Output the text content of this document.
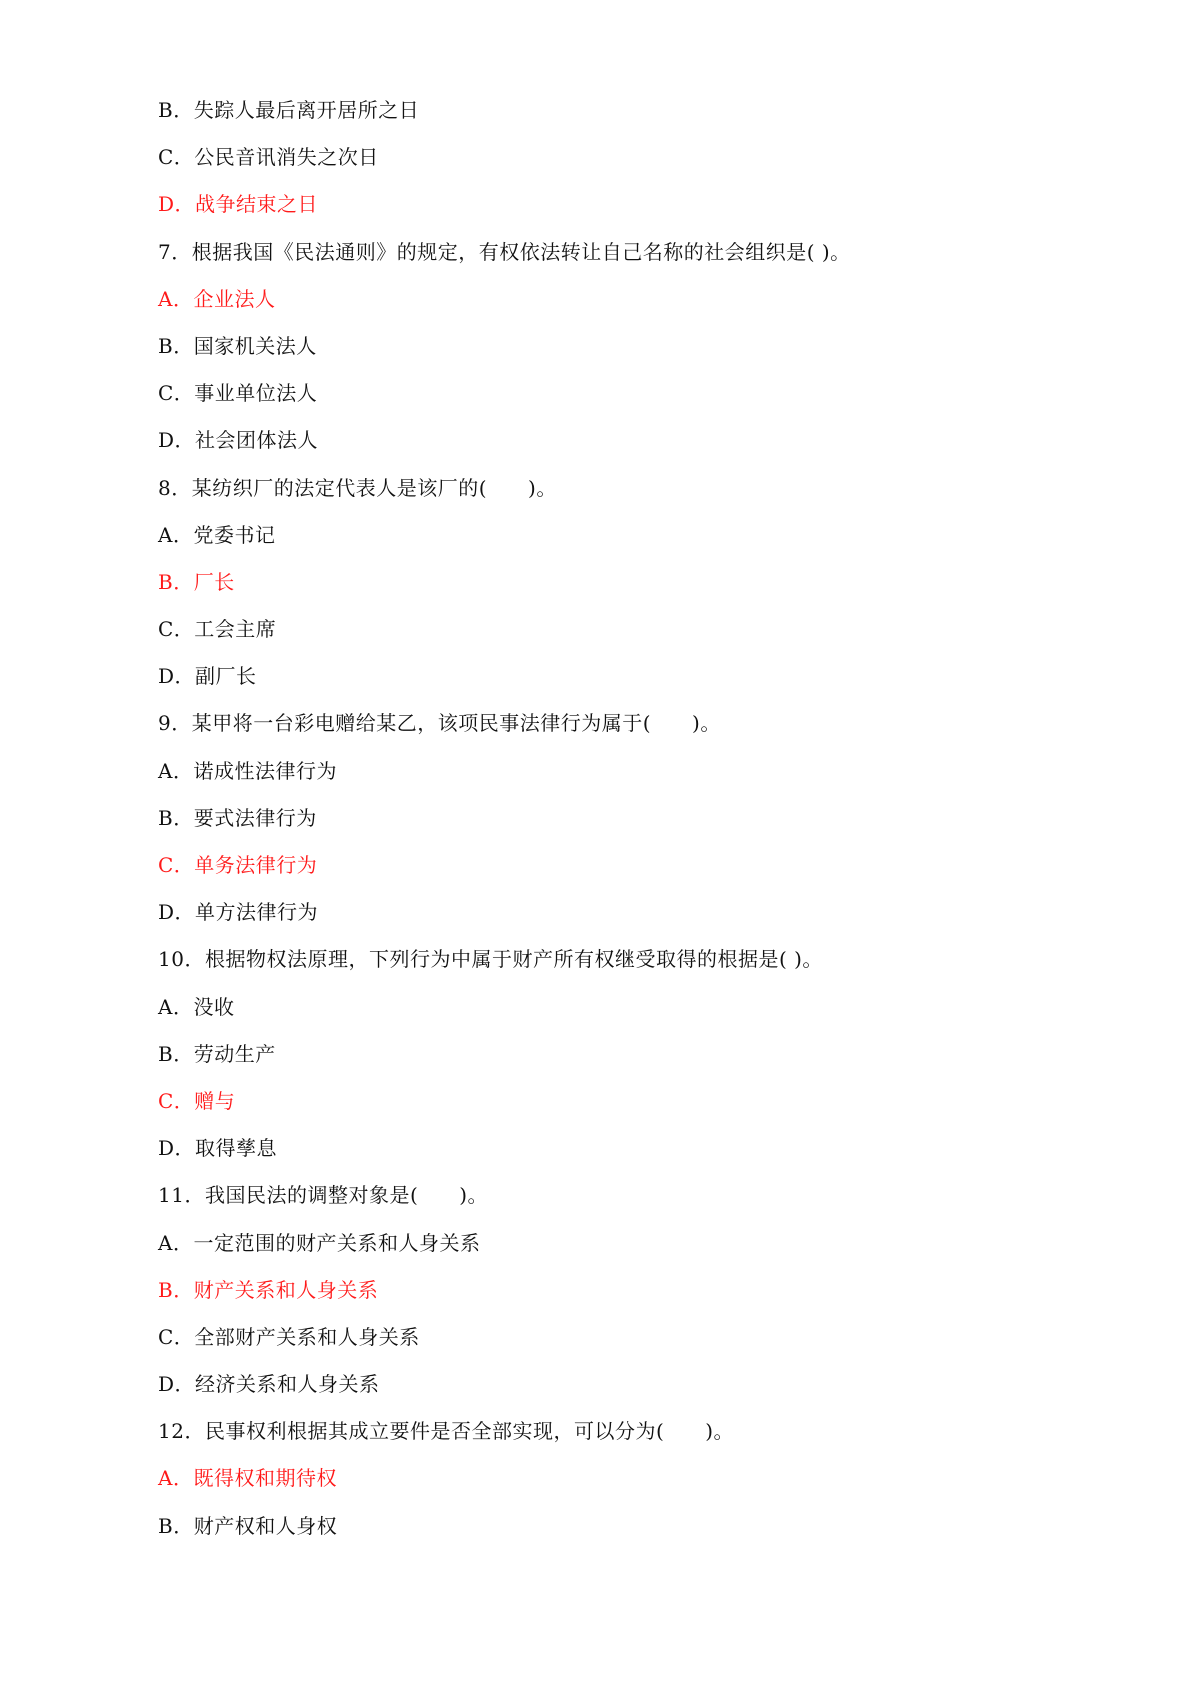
B．失踪人最后离开居所之日
C．公民音讯消失之次日
D．战争结束之日
7．根据我国《民法通则》的规定，有权依法转让自己名称的社会组织是( )。
A．企业法人
B．国家机关法人
C．事业单位法人
D．社会团体法人
8．某纺织厂的法定代表人是该厂的(　　)。
A．党委书记
B．厂长
C．工会主席
D．副厂长
9．某甲将一台彩电赠给某乙，该项民事法律行为属于(　　)。
A．诺成性法律行为
B．要式法律行为
C．单务法律行为
D．单方法律行为
10．根据物权法原理，下列行为中属于财产所有权继受取得的根据是( )。
A．没收
B．劳动生产
C．赠与
D．取得孳息
11．我国民法的调整对象是(　　)。
A．一定范围的财产关系和人身关系
B．财产关系和人身关系
C．全部财产关系和人身关系
D．经济关系和人身关系
12．民事权利根据其成立要件是否全部实现，可以分为(　　)。
A．既得权和期待权
B．财产权和人身权
